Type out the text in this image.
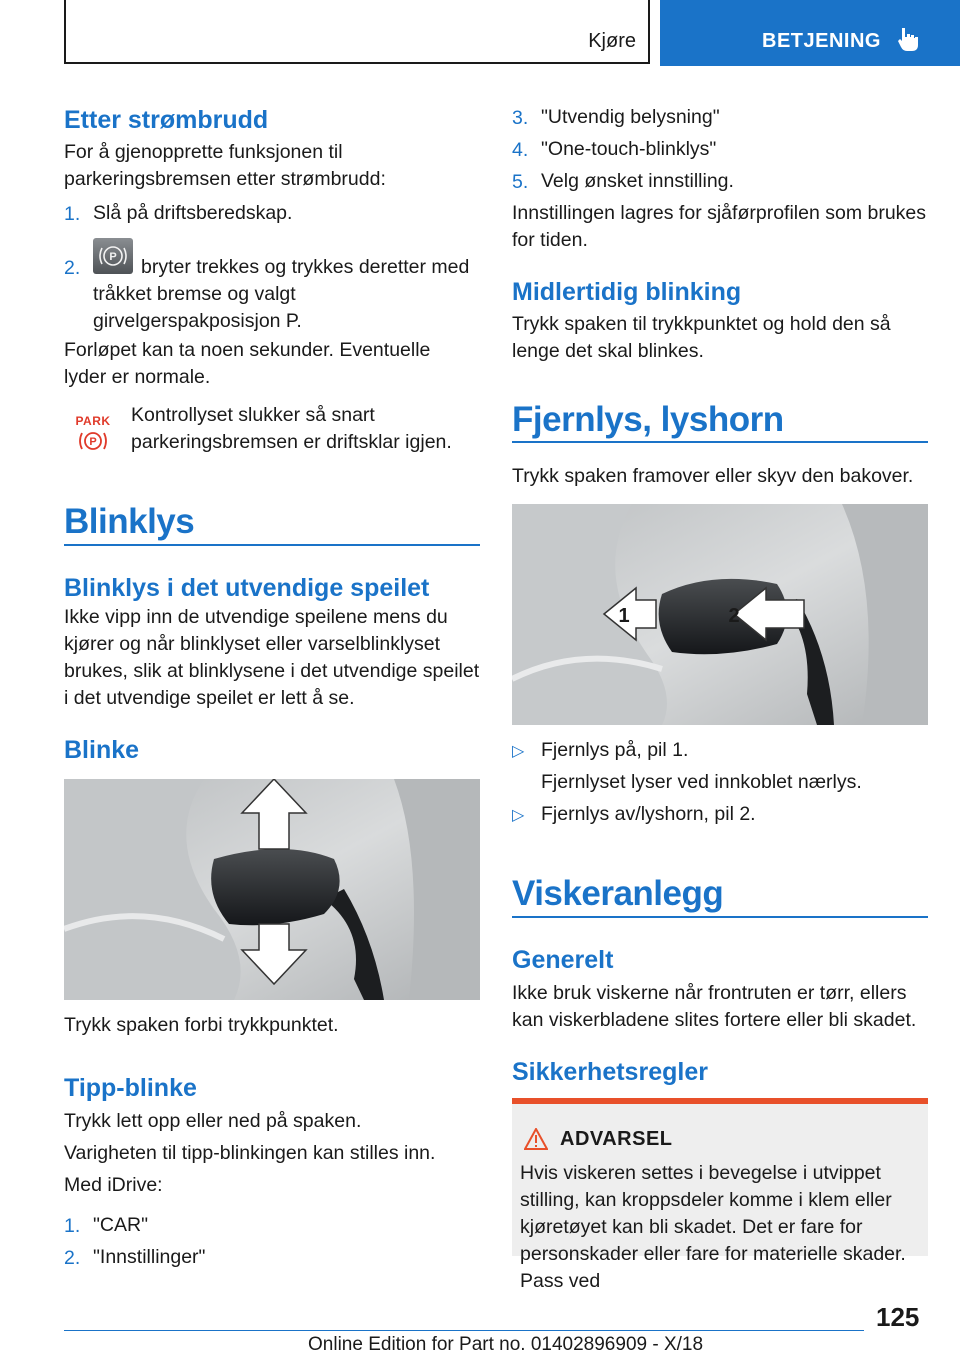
Kjøre	BETJENING
Etter strømbrudd
For å gjenopprette funksjonen til parkeringsbremsen etter strømbrudd:
1. Slå på driftsberedskap.
2.	P	bryter trekkes og trykkes deretter med tråkket bremse og valgt girvelgerspakposisjon P.
Forløpet kan ta noen sekunder. Eventuelle lyder er normale.
PARK
P
Kontrollyset slukker så snart parkeringsbremsen er driftsklar igjen.
Blinklys
Blinklys i det utvendige speilet
Ikke vipp inn de utvendige speilene mens du kjører og når blinklyset eller varselblinklyset brukes, slik at blinklysene i det utvendige speilet i det utvendige speilet er lett å se.
Blinke
Trykk spaken forbi trykkpunktet.
Tipp-blinke
Trykk lett opp eller ned på spaken.
Varigheten til tipp-blinkingen kan stilles inn.
Med iDrive:
1. "CAR"
2. "Innstillinger"
3. "Utvendig belysning"
4. "One-touch-blinklys"
5. Velg ønsket innstilling.
Innstillingen lagres for sjåførprofilen som brukes for tiden.
Midlertidig blinking
Trykk spaken til trykkpunktet og hold den så lenge det skal blinkes.
Fjernlys, lyshorn
Trykk spaken framover eller skyv den bakover.
1	2
▷ Fjernlys på, pil 1.
Fjernlyset lyser ved innkoblet nærlys.
▷ Fjernlys av/lyshorn, pil 2.
Viskeranlegg
Generelt
Ikke bruk viskerne når frontruten er tørr, ellers kan viskerbladene slites fortere eller bli skadet.
Sikkerhetsregler
ADVARSEL
Hvis viskeren settes i bevegelse i utvippet stilling, kan kroppsdeler komme i klem eller kjøretøyet kan bli skadet. Det er fare for personskader eller fare for materielle skader. Pass ved
125
Online Edition for Part no. 01402896909 - X/18
